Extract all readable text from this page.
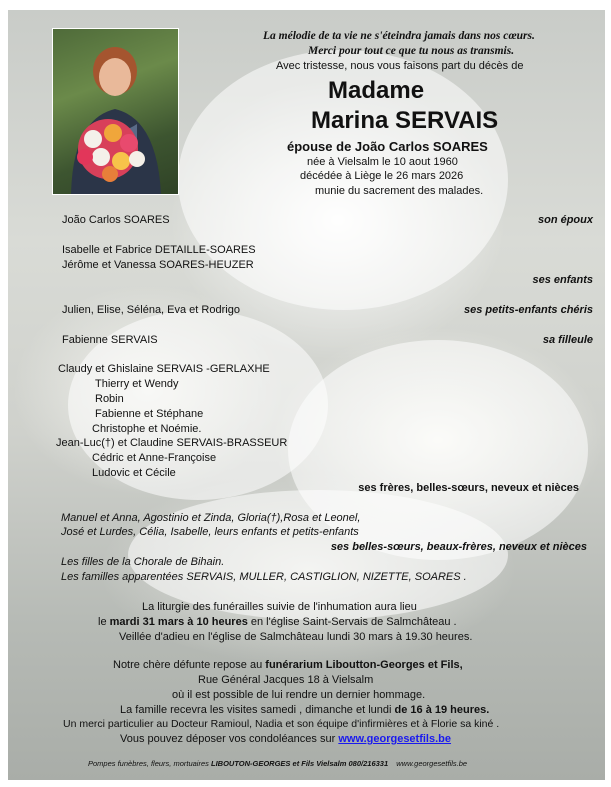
La mélodie de ta vie ne s'éteindra jamais dans nos cœurs.
Merci pour tout ce que tu nous as transmis.
Avec tristesse, nous vous faisons part du décès de
Madame
Marina SERVAIS
épouse de João Carlos SOARES
née à Vielsalm le 10 aout 1960
décédée à Liège le 26 mars 2026
munie du sacrement des malades.
João Carlos SOARES	son époux
Isabelle et Fabrice DETAILLE-SOARES
Jérôme et Vanessa SOARES-HEUZER
ses enfants
Julien, Elise, Séléna, Eva et Rodrigo	ses petits-enfants chéris
Fabienne SERVAIS	sa filleule
Claudy et Ghislaine SERVAIS -GERLAXHE
Thierry et Wendy
Robin
Fabienne et Stéphane
Christophe et Noémie.
Jean-Luc(†) et Claudine SERVAIS-BRASSEUR
Cédric et Anne-Françoise
Ludovic et Cécile
ses frères, belles-sœurs, neveux et nièces
Manuel et Anna, Agostinio et Zinda, Gloria(†),Rosa et Leonel,
José et Lurdes, Célia, Isabelle, leurs enfants et petits-enfants
ses belles-sœurs, beaux-frères, neveux et nièces
Les filles de la Chorale de Bihain.
Les familles apparentées SERVAIS, MULLER, CASTIGLION, NIZETTE, SOARES .
La liturgie des funérailles suivie de l'inhumation aura lieu
le mardi 31 mars à 10 heures en l'église Saint-Servais de Salmchâteau .
Veillée d'adieu en l'église de Salmchâteau lundi 30 mars à 19.30 heures.
Notre chère défunte repose au funérarium Liboutton-Georges et Fils,
Rue Général Jacques 18 à Vielsalm
où il est possible de lui rendre un dernier hommage.
La famille recevra les visites samedi , dimanche et lundi de 16 à 19 heures.
Un merci particulier au Docteur Ramioul, Nadia et son équipe d'infirmières et à Florie sa kiné .
Vous pouvez déposer vos condoléances sur www.georgesetfils.be
Pompes funèbres, fleurs, mortuaires LIBOUTON-GEORGES et Fils Vielsalm 080/216331 www.georgesetfils.be
